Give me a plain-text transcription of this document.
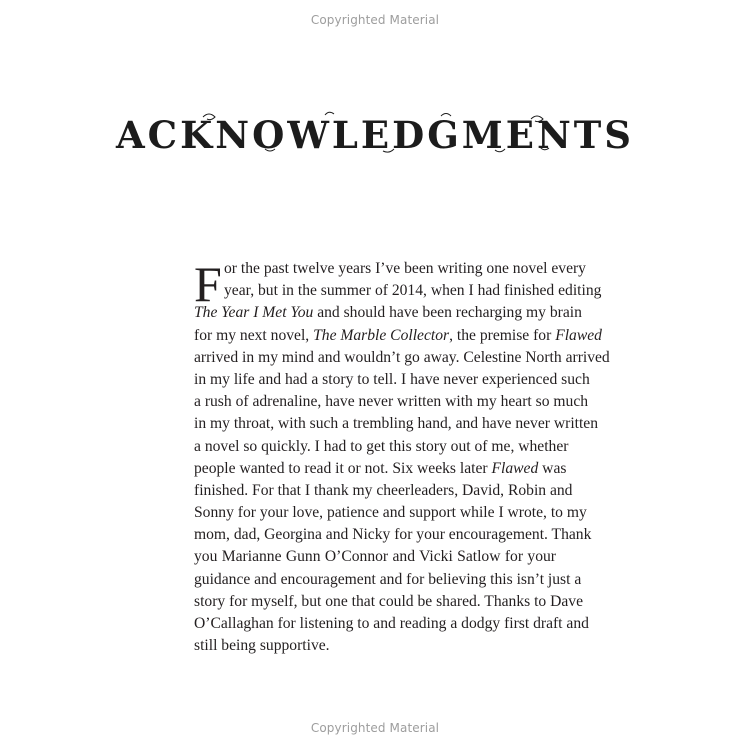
Copyrighted Material
ACKNOWLEDGMENTS
F or the past twelve years I’ve been writing one novel every
year, but in the summer of 2014, when I had finished editing
The Year I Met You and should have been recharging my brain
for my next novel, The Marble Collector, the premise for Flawed
arrived in my mind and wouldn’t go away. Celestine North arrived
in my life and had a story to tell. I have never experienced such
a rush of adrenaline, have never written with my heart so much
in my throat, with such a trembling hand, and have never written
a novel so quickly. I had to get this story out of me, whether
people wanted to read it or not. Six weeks later Flawed was
finished. For that I thank my cheerleaders, David, Robin and
Sonny for your love, patience and support while I wrote, to my
mom, dad, Georgina and Nicky for your encouragement. Thank
you Marianne Gunn O’Connor and Vicki Satlow for your
guidance and encouragement and for believing this isn’t just a
story for myself, but one that could be shared. Thanks to Dave
O’Callaghan for listening to and reading a dodgy first draft and
still being supportive.
Copyrighted Material
